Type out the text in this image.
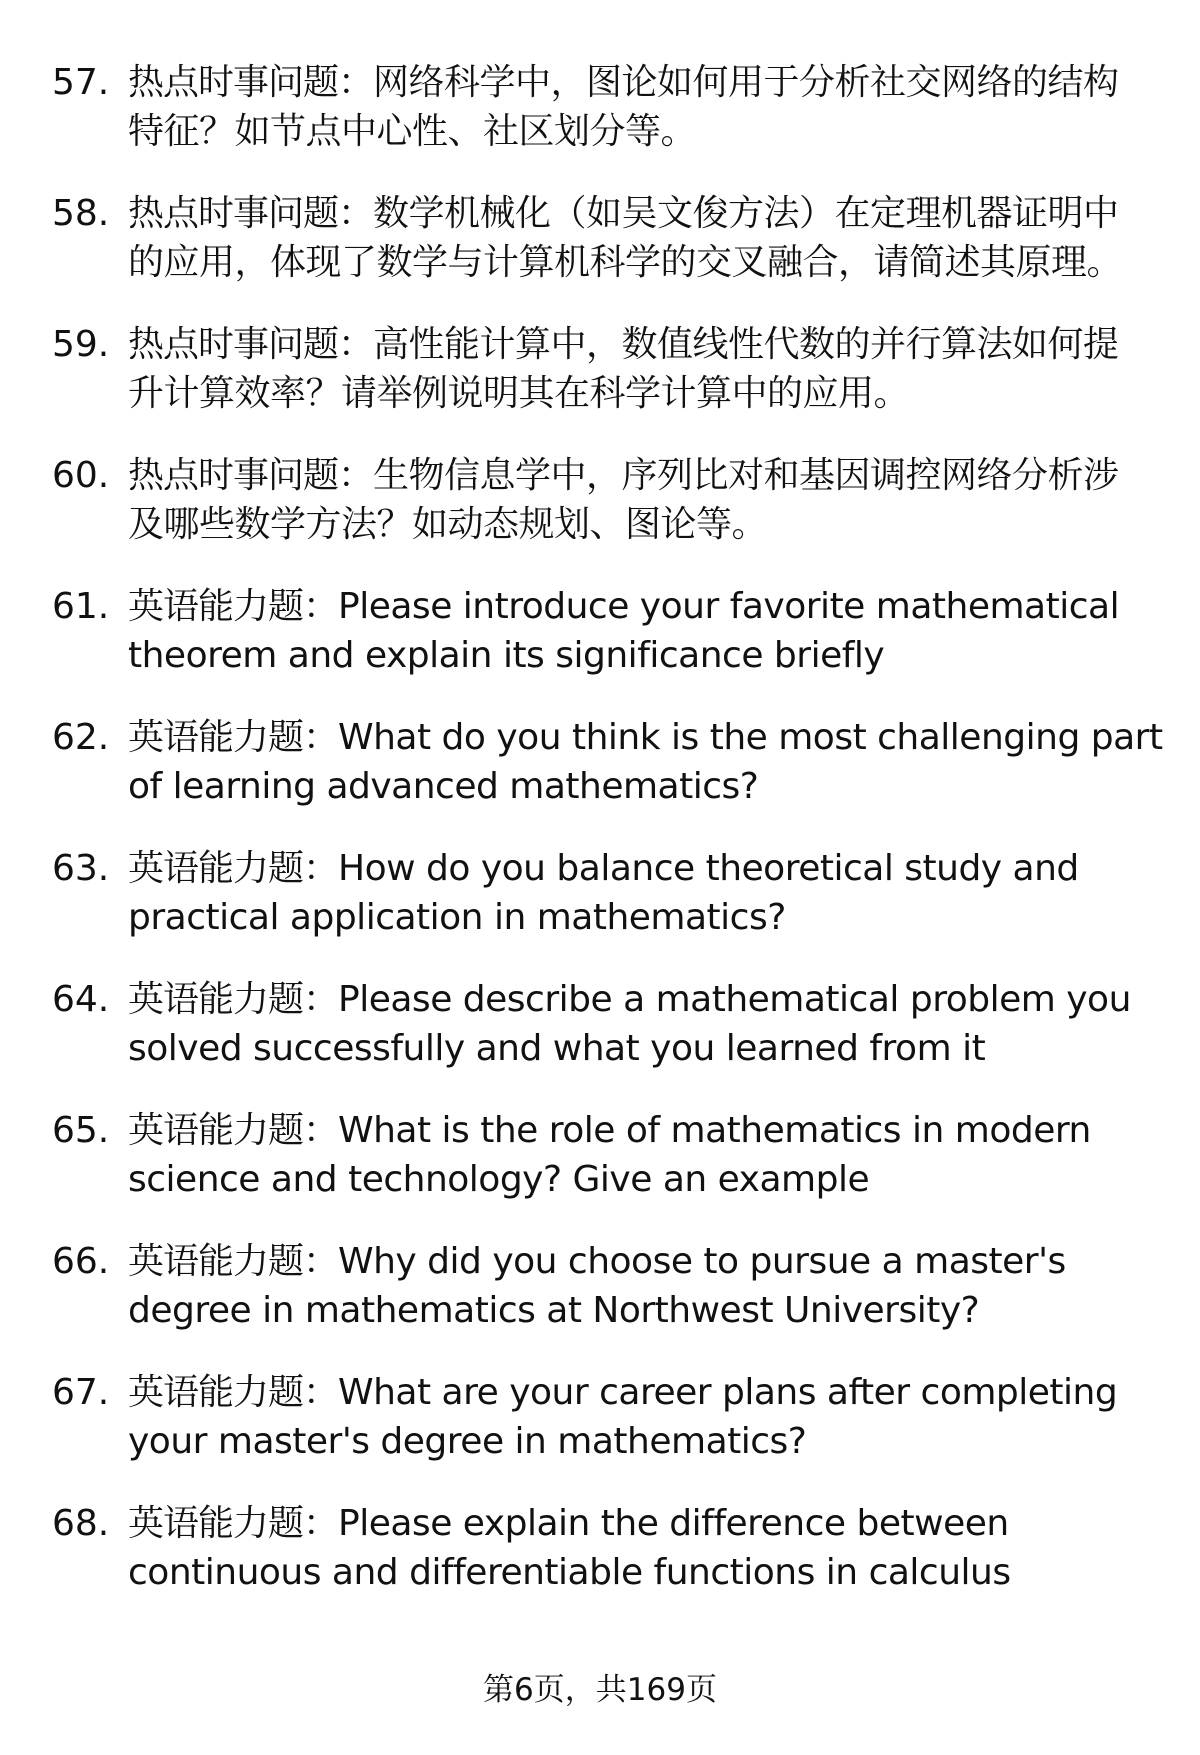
57. 热点时事问题：网络科学中，图论如何用于分析社交网络的结构
特征？如节点中心性、社区划分等。
58. 热点时事问题：数学机械化（如吴文俊方法）在定理机器证明中
的应用，体现了数学与计算机科学的交叉融合，请简述其原理。
59. 热点时事问题：高性能计算中，数值线性代数的并行算法如何提
升计算效率？请举例说明其在科学计算中的应用。
60. 热点时事问题：生物信息学中，序列比对和基因调控网络分析涉
及哪些数学方法？如动态规划、图论等。
61. 英语能力题：Please introduce your favorite mathematical
theorem and explain its significance briefly
62. 英语能力题：What do you think is the most challenging part
of learning advanced mathematics?
63. 英语能力题：How do you balance theoretical study and
practical application in mathematics?
64. 英语能力题：Please describe a mathematical problem you
solved successfully and what you learned from it
65. 英语能力题：What is the role of mathematics in modern
science and technology? Give an example
66. 英语能力题：Why did you choose to pursue a master's
degree in mathematics at Northwest University?
67. 英语能力题：What are your career plans after completing
your master's degree in mathematics?
68. 英语能力题：Please explain the difference between
continuous and differentiable functions in calculus
第6页，共169页
